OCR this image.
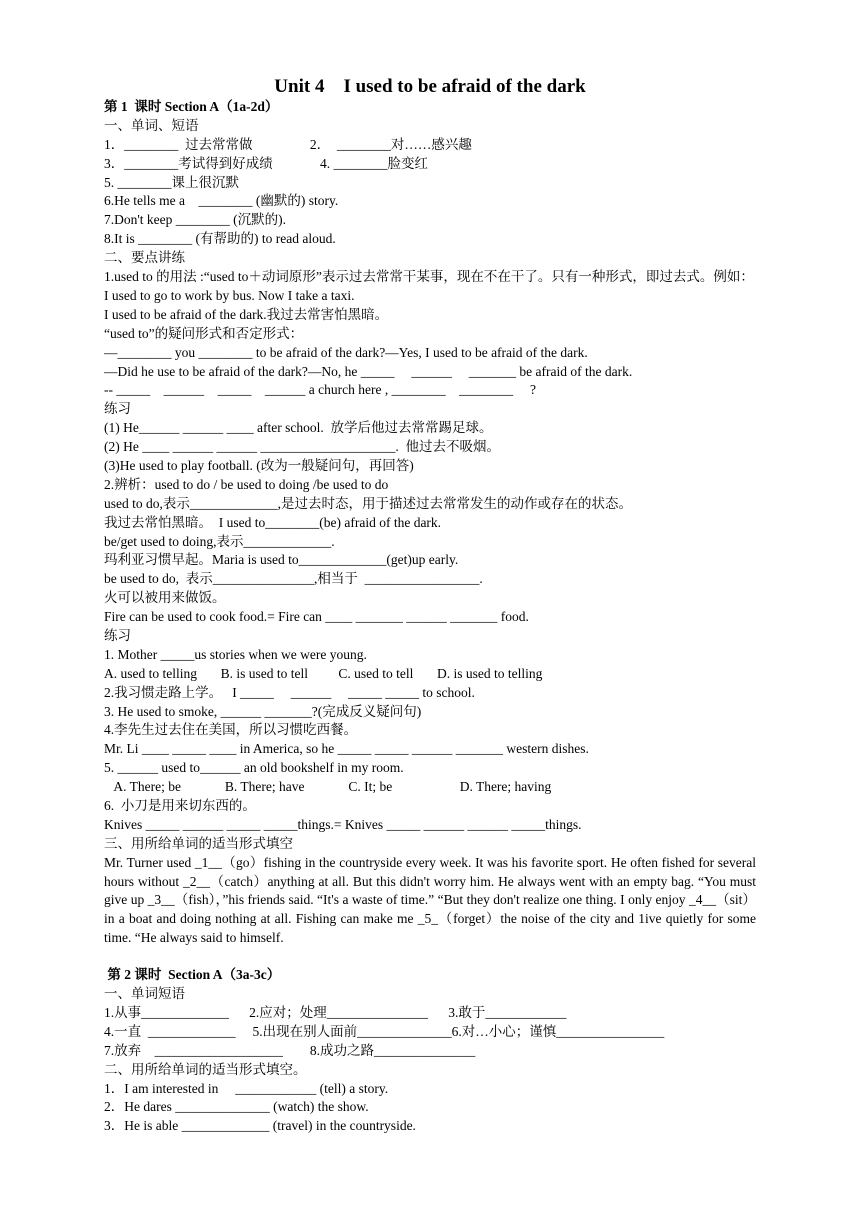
Unit 4    I used to be afraid of the dark
第 1  课时 Section A（1a-2d）
一、单词、短语
1．________  过去常常做                 2．  ________对……感兴趣
3．________考试得到好成绩              4. ________脸变红
5. ________课上很沉默
6.He tells me a    ________ (幽默的) story.
7.Don't keep ________ (沉默的).
8.It is ________ (有帮助的) to read aloud.
二、要点讲练
1.used to 的用法 :“used to＋动词原形”表示过去常常干某事，现在不在干了。只有一种形式，即过去式。例如：I used to go to work by bus. Now I take a taxi.
I used to be afraid of the dark.我过去常害怕黑暗。
“used to”的疑问形式和否定形式：
—________ you ________ to be afraid of the dark?—Yes, I used to be afraid of the dark.
—Did he use to be afraid of the dark?—No, he _____     ______     _______ be afraid of the dark.
-- _____    ______    _____    ______ a church here , ________    ________     ?
练习
(1) He______ ______ ____ after school.  放学后他过去常常踢足球。
(2) He ____ ______ ______ ____________________.  他过去不吸烟。
(3)He used to play football. (改为一般疑问句，再回答)
2.辨析：used to do / be used to doing /be used to do
used to do,表示_____________,是过去时态，用于描述过去常常发生的动作或存在的状态。
我过去常怕黑暗。  I used to________(be) afraid of the dark.
be/get used to doing,表示_____________.
玛利亚习惯早起。Maria is used to_____________(get)up early.
be used to do,  表示_______________,相当于  _________________.
火可以被用来做饭。
Fire can be used to cook food.= Fire can ____ _______ ______ _______ food.
练习
1. Mother _____us stories when we were young.
A. used to telling       B. is used to tell         C. used to tell       D. is used to telling
2.我习惯走路上学。   I _____     ______     _____ _____ to school.
3. He used to smoke, ______ _______?(完成反义疑问句)
4.李先生过去住在美国，所以习惯吃西餐。
Mr. Li ____ _____ ____ in America, so he _____ _____ ______ _______ western dishes.
5. ______ used to______ an old bookshelf in my room.
A. There; be             B. There; have             C. It; be                    D. There; having
6.  小刀是用来切东西的。
Knives _____ ______ _____ _____things.= Knives _____ ______ ______ _____things.
三、用所给单词的适当形式填空
Mr. Turner used _1__（go）fishing in the countryside every week. It was his favorite sport. He often fished for several hours without _2__（catch）anything at all. But this didn't worry him. He always went with an empty bag. “You must give up _3__（fish），”his friends said. “It's a waste of time.” “But they don't realize one thing. I only enjoy _4__（sit）in a boat and doing nothing at all. Fishing can make me _5_（forget）the noise of the city and 1ive quietly for some time. “He always said to himself.
第 2 课时  Section A（3a-3c）
一、单词短语
1.从事_____________      2.应对；处理_______________      3.敢于____________
4.一直  _____________     5.出现在别人面前______________6.对…小心；谨慎________________
7.放弃    ___________________        8.成功之路_______________
二、用所给单词的适当形式填空。
1．I am interested in     ____________ (tell) a story.
2．He dares ______________ (watch) the show.
3．He is able _____________ (travel) in the countryside.
